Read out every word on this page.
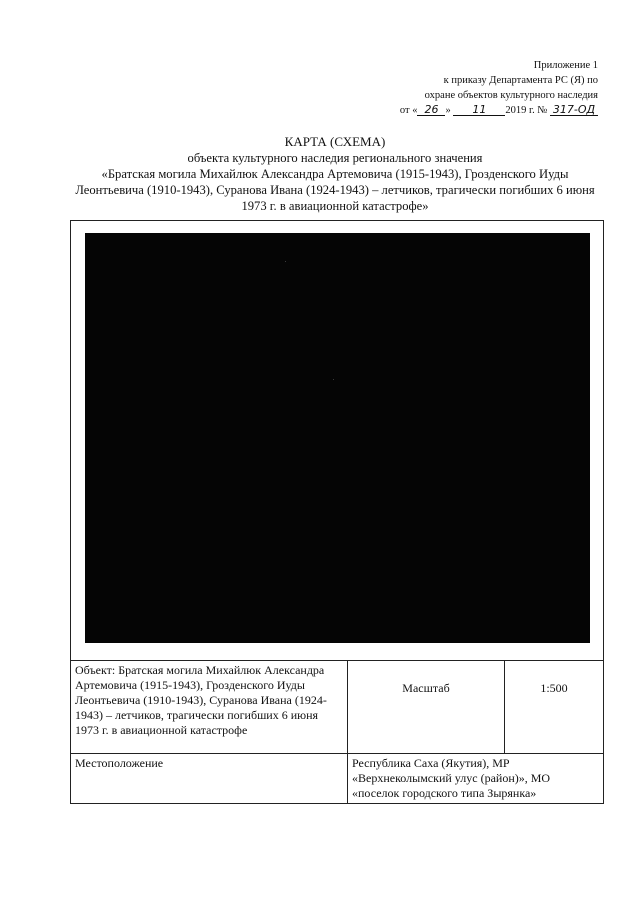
Приложение 1
к приказу Департамента РС (Я) по
охране объектов культурного наследия
от « 26 » 11 2019 г. № 317-ОД
КАРТА (СХЕМА)
объекта культурного наследия регионального значения
«Братская могила Михайлюк Александра Артемовича (1915-1943), Грозденского Иуды Леонтьевича (1910-1943), Суранова Ивана (1924-1943) – летчиков, трагически погибших 6 июня 1973 г. в авиационной катастрофе»
Объект: Братская могила Михайлюк Александра Артемовича (1915-1943), Грозденского Иуды Леонтьевича (1910-1943), Суранова Ивана (1924-1943) – летчиков, трагически погибших 6 июня 1973 г. в авиационной катастрофе	Масштаб	1:500

Местоположение	Республика Саха (Якутия), МР «Верхнеколымский улус (район)», МО «поселок городского типа Зырянка»	
